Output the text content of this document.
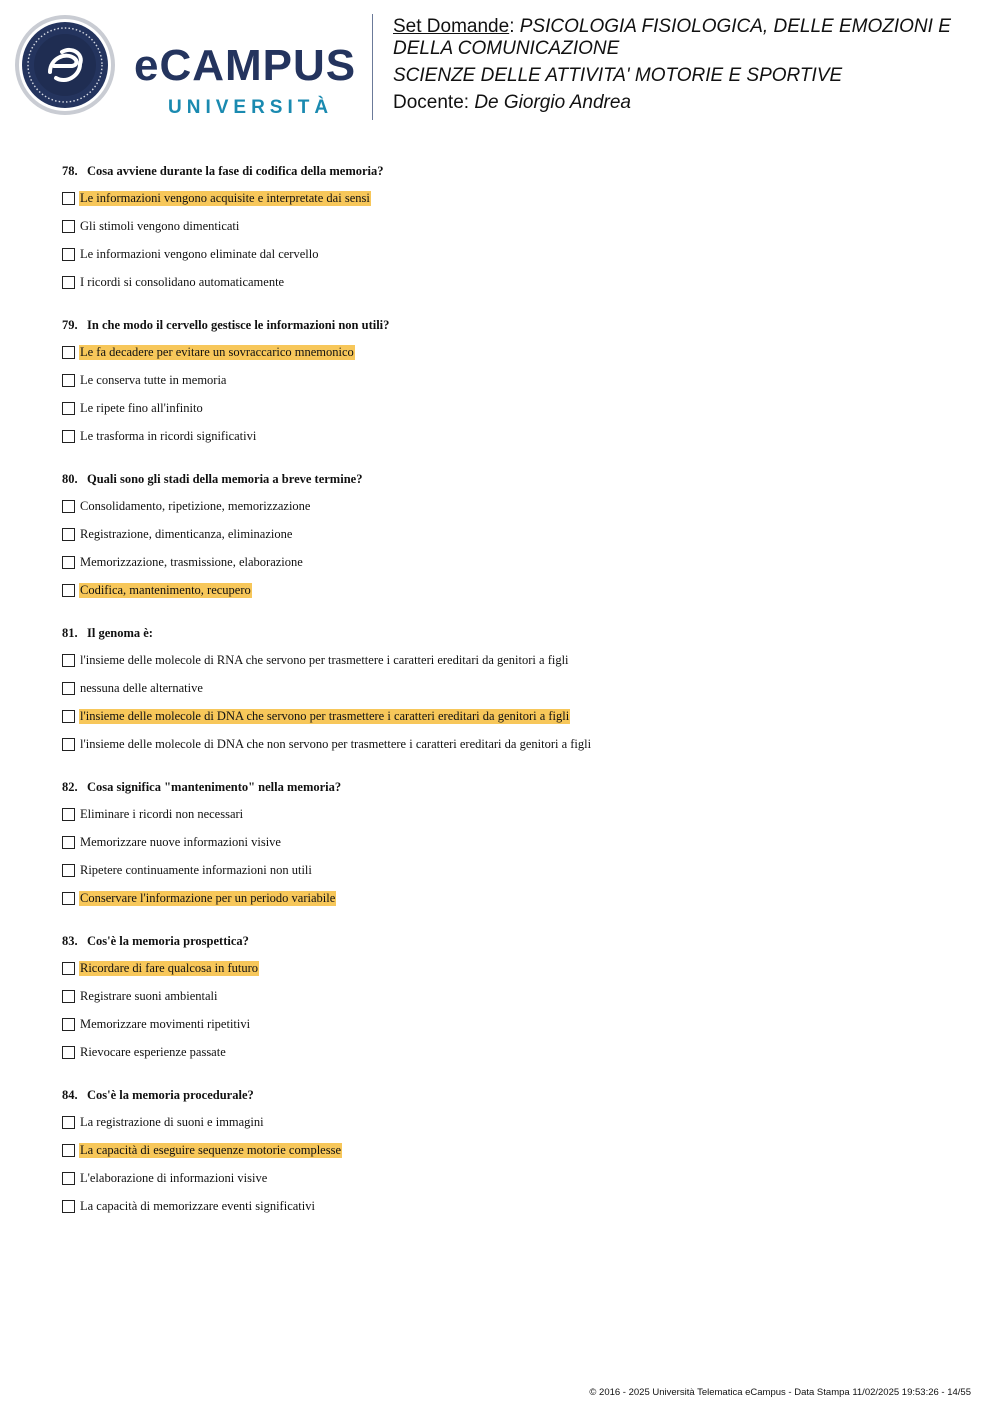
eCAMPUS
UNIVERSITÀ
Set Domande: PSICOLOGIA FISIOLOGICA, DELLE EMOZIONI E DELLA COMUNICAZIONE
SCIENZE DELLE ATTIVITA' MOTORIE E SPORTIVE
Docente: De Giorgio Andrea
78. Cosa avviene durante la fase di codifica della memoria?
Le informazioni vengono acquisite e interpretate dai sensi
Gli stimoli vengono dimenticati
Le informazioni vengono eliminate dal cervello
I ricordi si consolidano automaticamente
79. In che modo il cervello gestisce le informazioni non utili?
Le fa decadere per evitare un sovraccarico mnemonico
Le conserva tutte in memoria
Le ripete fino all'infinito
Le trasforma in ricordi significativi
80. Quali sono gli stadi della memoria a breve termine?
Consolidamento, ripetizione, memorizzazione
Registrazione, dimenticanza, eliminazione
Memorizzazione, trasmissione, elaborazione
Codifica, mantenimento, recupero
81. Il genoma è:
l'insieme delle molecole di RNA che servono per trasmettere i caratteri ereditari da genitori a figli
nessuna delle alternative
l'insieme delle molecole di DNA che servono per trasmettere i caratteri ereditari da genitori a figli
l'insieme delle molecole di DNA che non servono per trasmettere i caratteri ereditari da genitori a figli
82. Cosa significa "mantenimento" nella memoria?
Eliminare i ricordi non necessari
Memorizzare nuove informazioni visive
Ripetere continuamente informazioni non utili
Conservare l'informazione per un periodo variabile
83. Cos'è la memoria prospettica?
Ricordare di fare qualcosa in futuro
Registrare suoni ambientali
Memorizzare movimenti ripetitivi
Rievocare esperienze passate
84. Cos'è la memoria procedurale?
La registrazione di suoni e immagini
La capacità di eseguire sequenze motorie complesse
L'elaborazione di informazioni visive
La capacità di memorizzare eventi significativi
© 2016 - 2025 Università Telematica eCampus - Data Stampa 11/02/2025 19:53:26 - 14/55
